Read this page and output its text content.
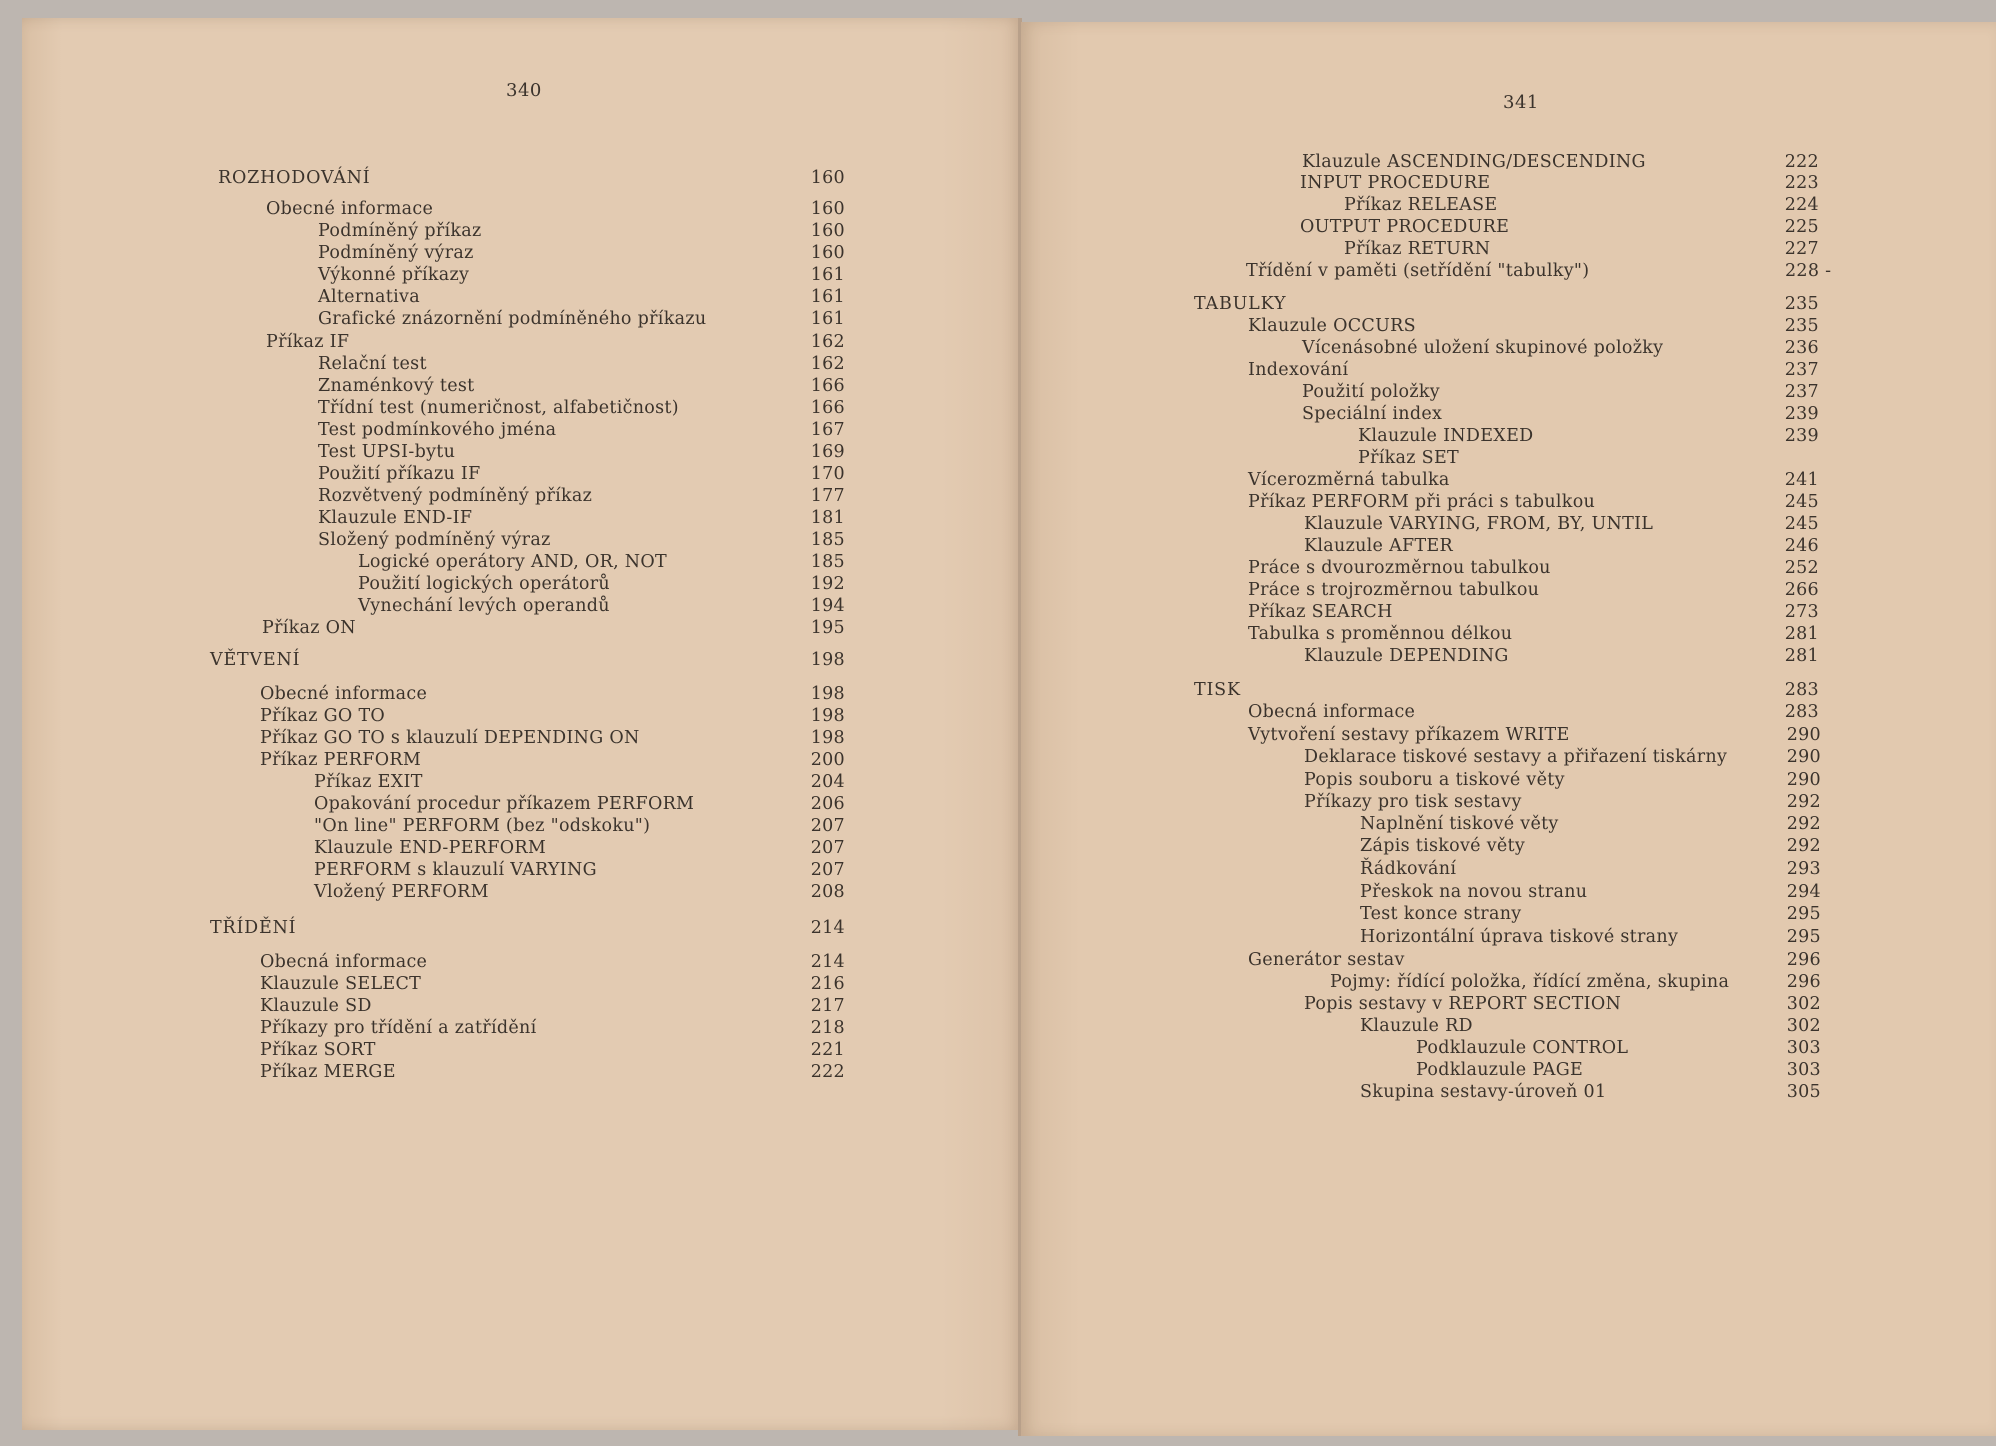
340
ROZHODOVÁNÍ	160
Obecné informace	160
Podmíněný příkaz	160
Podmíněný výraz	160
Výkonné příkazy	161
Alternativa	161
Grafické znázornění podmíněného příkazu	161
Příkaz IF	162
Relační test	162
Znaménkový test	166
Třídní test (numeričnost, alfabetičnost)	166
Test podmínkového jména	167
Test UPSI-bytu	169
Použití příkazu IF	170
Rozvětvený podmíněný příkaz	177
Klauzule END-IF	181
Složený podmíněný výraz	185
Logické operátory AND, OR, NOT	185
Použití logických operátorů	192
Vynechání levých operandů	194
Příkaz ON	195
VĚTVENÍ	198
Obecné informace	198
Příkaz GO TO	198
Příkaz GO TO s klauzulí DEPENDING ON	198
Příkaz PERFORM	200
Příkaz EXIT	204
Opakování procedur příkazem PERFORM	206
"On line" PERFORM (bez "odskoku")	207
Klauzule END-PERFORM	207
PERFORM s klauzulí VARYING	207
Vložený PERFORM	208
TŘÍDĚNÍ	214
Obecná informace	214
Klauzule SELECT	216
Klauzule SD	217
Příkazy pro třídění a zatřídění	218
Příkaz SORT	221
Příkaz MERGE	222
341
Klauzule ASCENDING/DESCENDING	222
INPUT PROCEDURE	223
Příkaz RELEASE	224
OUTPUT PROCEDURE	225
Příkaz RETURN	227
Třídění v paměti (setřídění "tabulky")	228 -
TABULKY	235
Klauzule OCCURS	235
Vícenásobné uložení skupinové položky	236
Indexování	237
Použití položky	237
Speciální index	239
Klauzule INDEXED	239
Příkaz SET
Vícerozměrná tabulka	241
Příkaz PERFORM při práci s tabulkou	245
Klauzule VARYING, FROM, BY, UNTIL	245
Klauzule AFTER	246
Práce s dvourozměrnou tabulkou	252
Práce s trojrozměrnou tabulkou	266
Příkaz SEARCH	273
Tabulka s proměnnou délkou	281
Klauzule DEPENDING	281
TISK	283
Obecná informace	283
Vytvoření sestavy příkazem WRITE	290
Deklarace tiskové sestavy a přiřazení tiskárny	290
Popis souboru a tiskové věty	290
Příkazy pro tisk sestavy	292
Naplnění tiskové věty	292
Zápis tiskové věty	292
Řádkování	293
Přeskok na novou stranu	294
Test konce strany	295
Horizontální úprava tiskové strany	295
Generátor sestav	296
Pojmy: řídící položka, řídící změna, skupina	296
Popis sestavy v REPORT SECTION	302
Klauzule RD	302
Podklauzule CONTROL	303
Podklauzule PAGE	303
Skupina sestavy-úroveň 01	305
